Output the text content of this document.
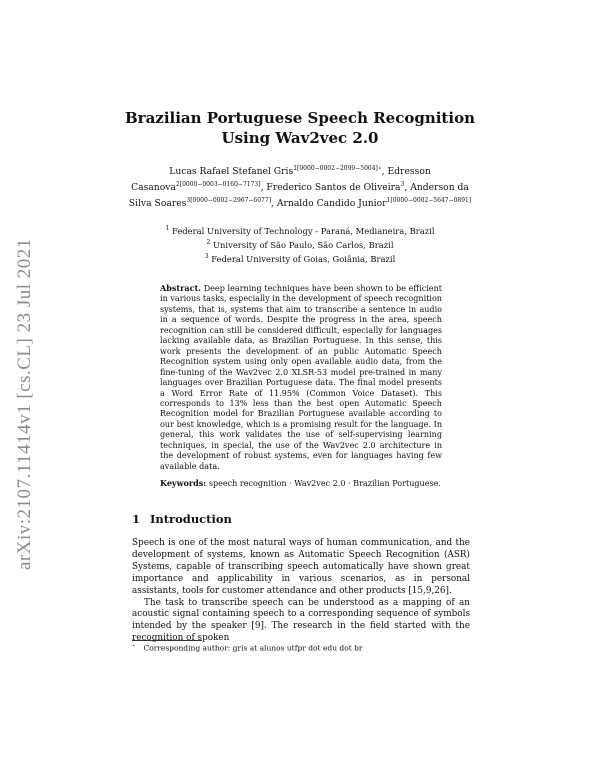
arXiv:2107.11414v1 [cs.CL] 23 Jul 2021
Brazilian Portuguese Speech Recognition Using Wav2vec 2.0
Lucas Rafael Stefanel Gris$^{1[0000-0002-2099-5004]⋆}$, Edresson Casanova$^{2[0000-0003-0160-7173]}$, Frederico Santos de Oliveira$^3$, Anderson da Silva Soares$^{3[0000-0002-2967-6077]}$, Arnaldo Candido Junior$^{1[0000-0002-5647-0891]}$
$^1$ Federal University of Technology - Paraná, Medianeira, Brazil
$^2$ University of São Paulo, São Carlos, Brazil
$^3$ Federal University of Goias, Goiânia, Brazil
Abstract. Deep learning techniques have been shown to be efficient in various tasks, especially in the development of speech recognition systems, that is, systems that aim to transcribe a sentence in audio in a sequence of words. Despite the progress in the area, speech recognition can still be considered difficult, especially for languages lacking available data, as Brazilian Portuguese. In this sense, this work presents the development of an public Automatic Speech Recognition system using only open available audio data, from the fine-tuning of the Wav2vec 2.0 XLSR-53 model pre-trained in many languages over Brazilian Portuguese data. The final model presents a Word Error Rate of 11.95% (Common Voice Dataset). This corresponds to 13% less than the best open Automatic Speech Recognition model for Brazilian Portuguese available according to our best knowledge, which is a promising result for the language. In general, this work validates the use of self-supervising learning techniques, in special, the use of the Wav2vec 2.0 architecture in the development of robust systems, even for languages having few available data.
Keywords: speech recognition · Wav2vec 2.0 · Brazilian Portuguese.
1 Introduction

Speech is one of the most natural ways of human communication, and the development of systems, known as Automatic Speech Recognition (ASR) Systems, capable of transcribing speech automatically have shown great importance and applicability in various scenarios, as in personal assistants, tools for customer attendance and other products [15,9,26].

The task to transcribe speech can be understood as a mapping of an acoustic signal containing speech to a corresponding sequence of symbols intended by the speaker [9]. The research in the field started with the recognition of spoken

⋆ Corresponding author: gris at alunos utfpr dot edu dot br
